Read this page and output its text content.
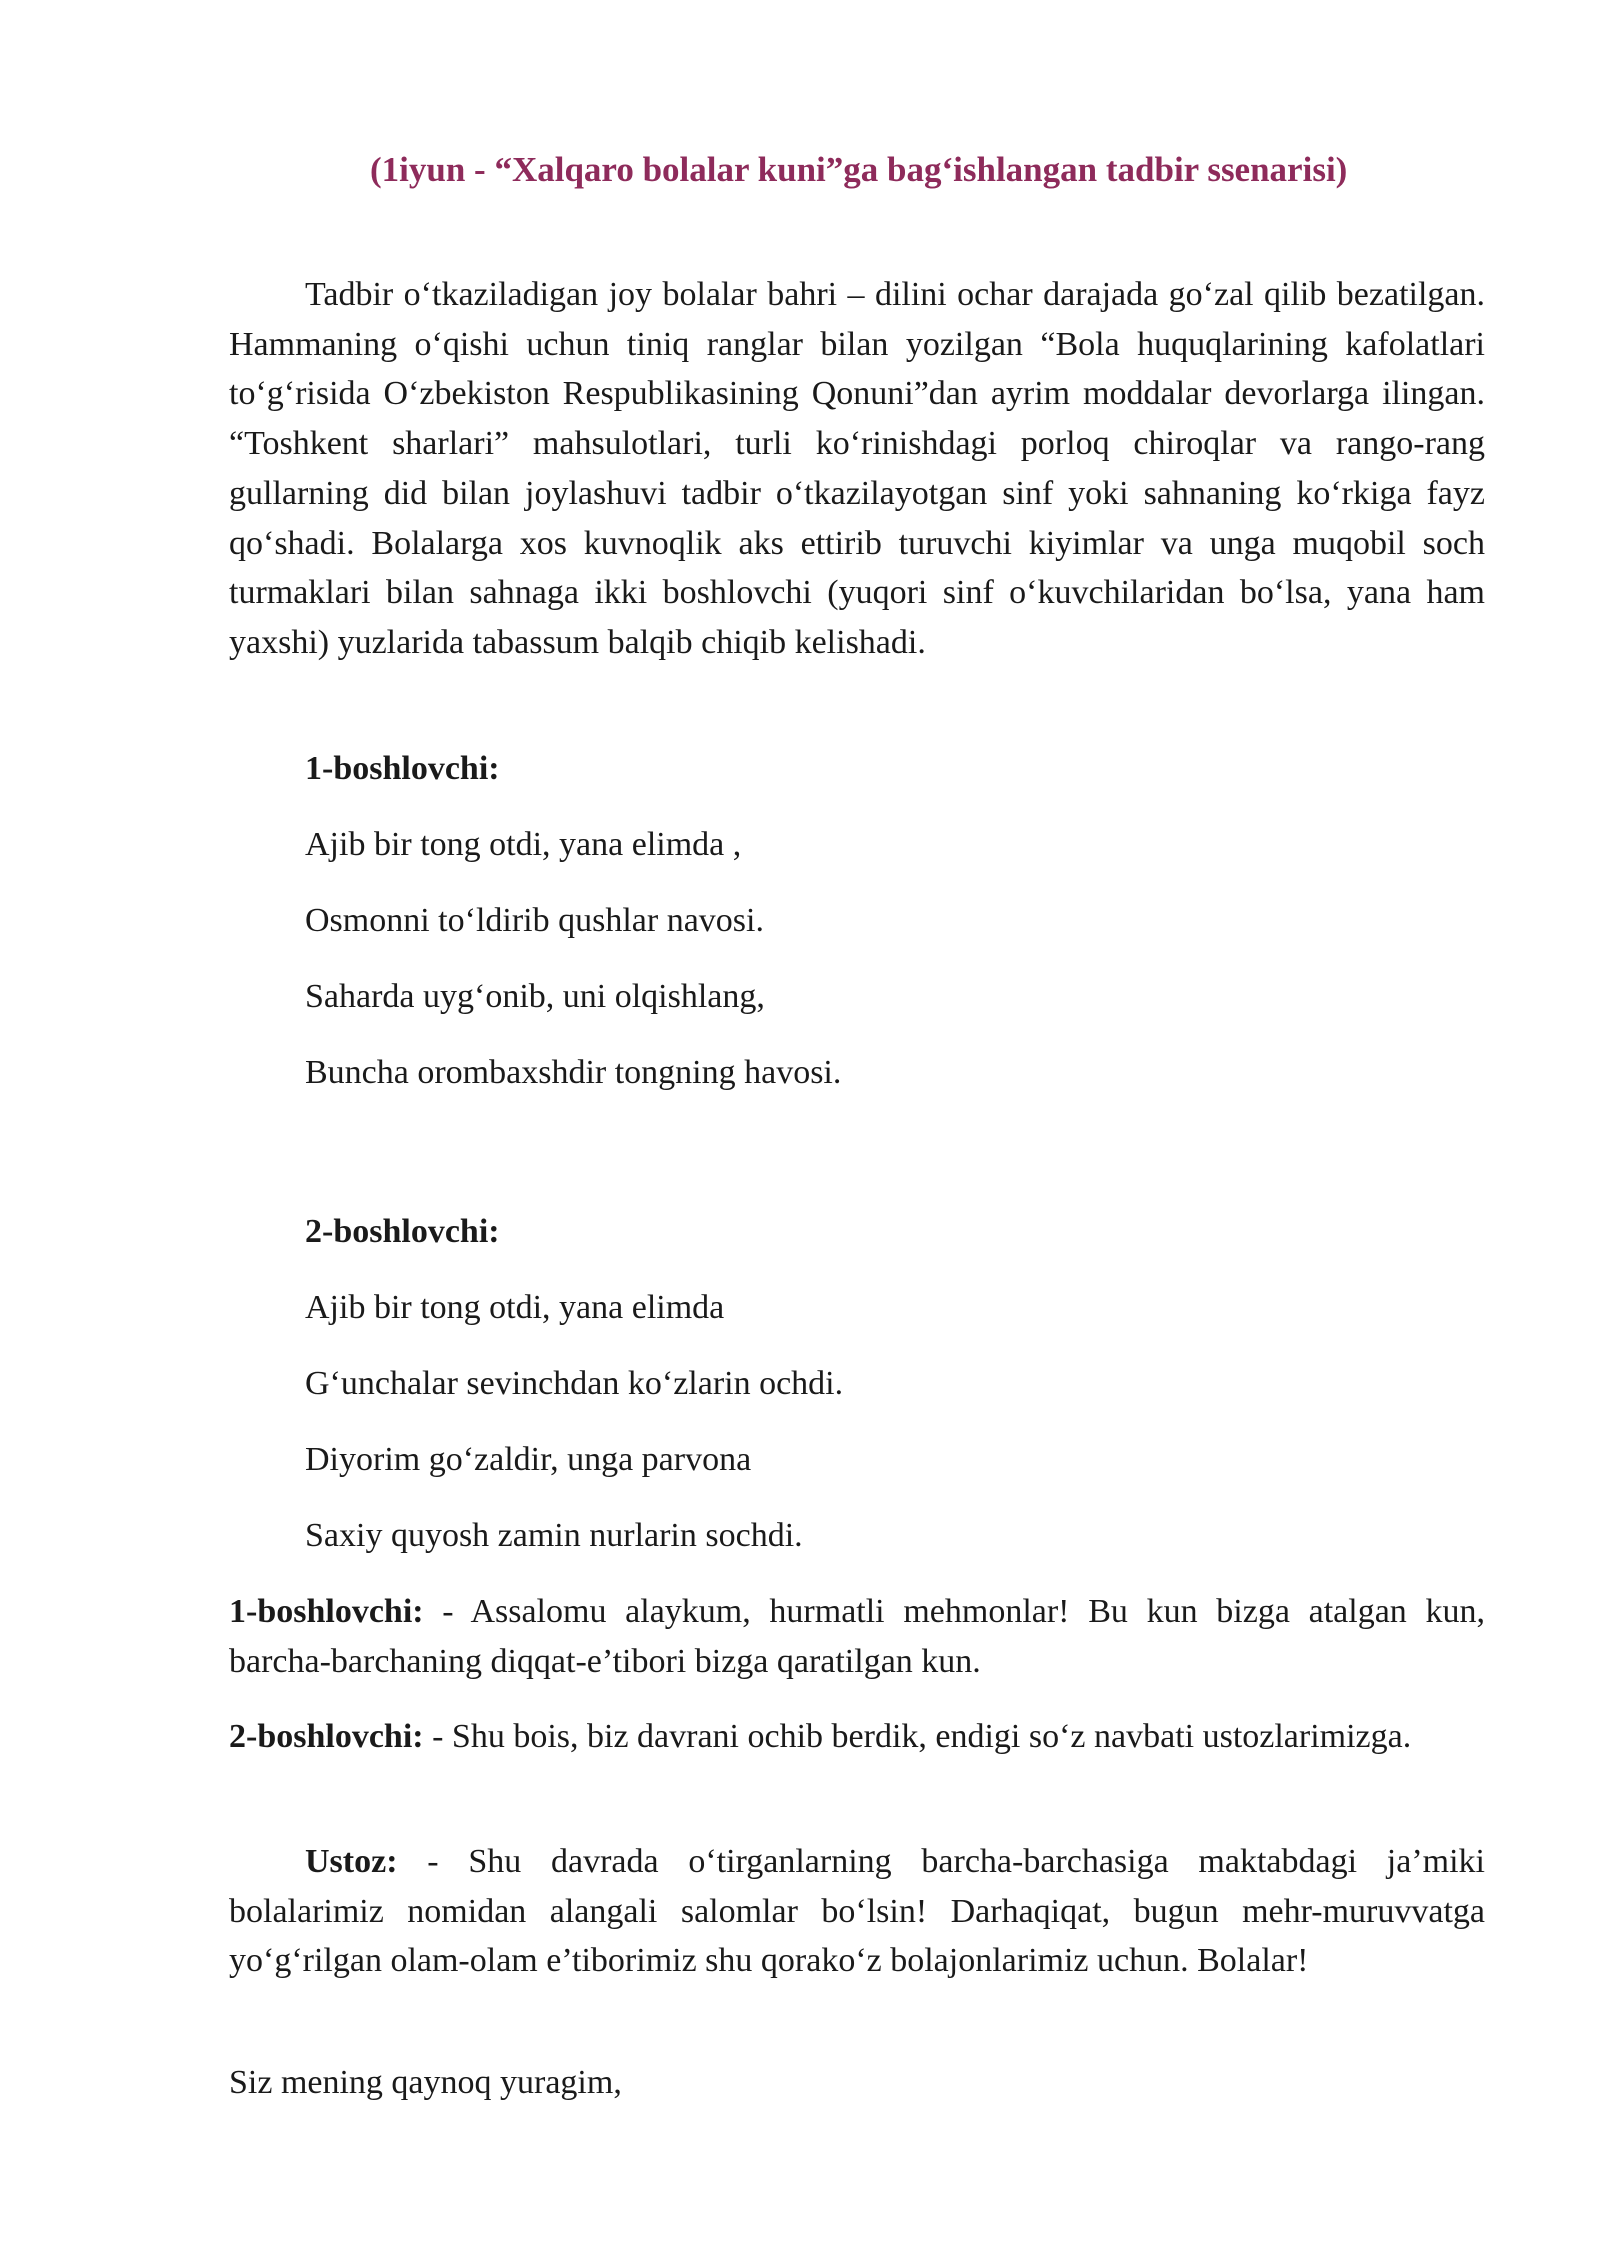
(1iyun - “Xalqaro bolalar kuni”ga bag‘ishlangan tadbir ssenarisi)

Tadbir o‘tkaziladigan joy bolalar bahri – dilini ochar darajada go‘zal qilib bezatilgan. Hammaning o‘qishi uchun tiniq ranglar bilan yozilgan “Bola huquqlarining kafolatlari to‘g‘risida O‘zbekiston Respublikasining Qonuni”dan ayrim moddalar devorlarga ilingan. “Toshkent sharlari” mahsulotlari, turli ko‘rinishdagi porloq chiroqlar va rango-rang gullarning did bilan joylashuvi tadbir o‘tkazilayotgan sinf yoki sahnaning ko‘rkiga fayz qo‘shadi. Bolalarga xos kuvnoqlik aks ettirib turuvchi kiyimlar va unga muqobil soch turmaklari bilan sahnaga ikki boshlovchi (yuqori sinf o‘kuvchilaridan bo‘lsa, yana ham yaxshi) yuzlarida tabassum balqib chiqib kelishadi.

1-boshlovchi:

Ajib bir tong otdi, yana elimda ,

Osmonni to‘ldirib qushlar navosi.

Saharda uyg‘onib, uni olqishlang,

Buncha orombaxshdir tongning havosi.

2-boshlovchi:

Ajib bir tong otdi, yana elimda

G‘unchalar sevinchdan ko‘zlarin ochdi.

Diyorim go‘zaldir, unga parvona

Saxiy quyosh zamin nurlarin sochdi.

1-boshlovchi: - Assalomu alaykum, hurmatli mehmonlar! Bu kun bizga atalgan kun, barcha-barchaning diqqat-e’tibori bizga qaratilgan kun.

2-boshlovchi: - Shu bois, biz davrani ochib berdik, endigi so‘z navbati ustozlarimizga.

Ustoz: - Shu davrada o‘tirganlarning barcha-barchasiga maktabdagi ja’miki bolalarimiz nomidan alangali salomlar bo‘lsin! Darhaqiqat, bugun mehr-muruvvatga yo‘g‘rilgan olam-olam e’tiborimiz shu qorako‘z bolajonlarimiz uchun. Bolalar!

Siz mening qaynoq yuragim,
